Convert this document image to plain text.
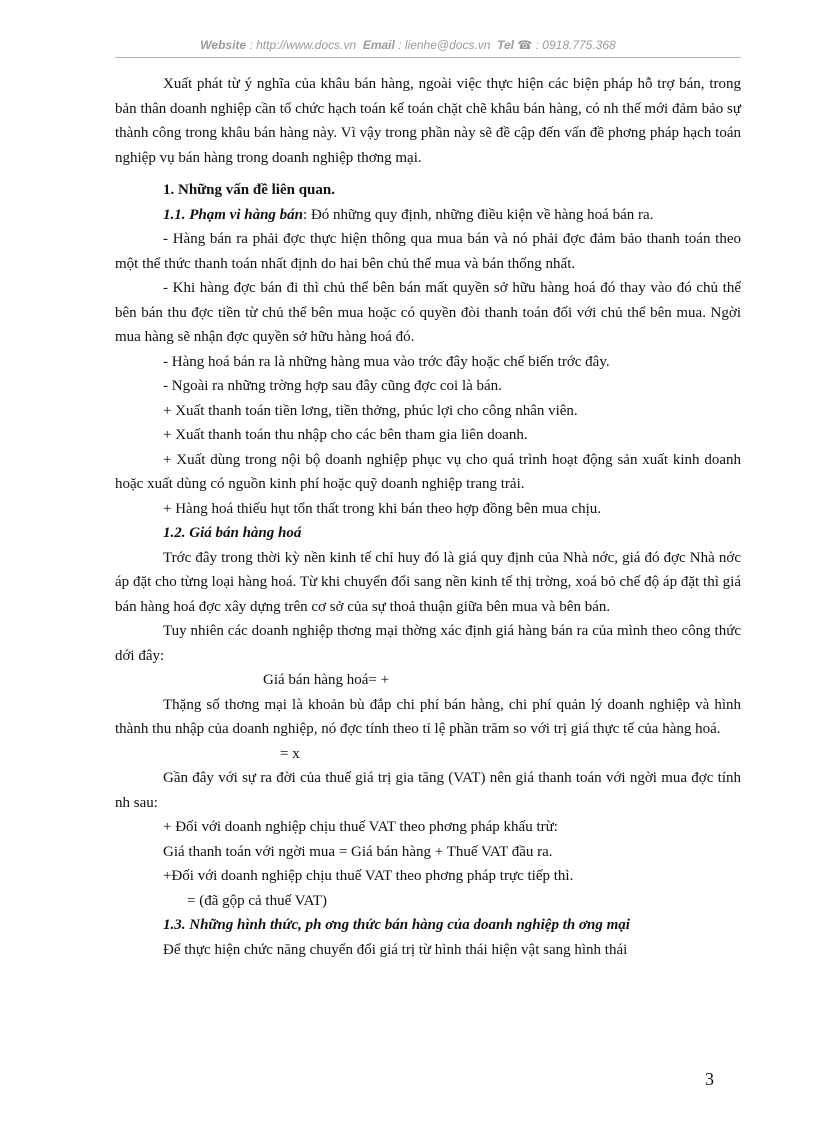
Website : http://www.docs.vn Email : lienhe@docs.vn Tel ☎ : 0918.775.368

Xuất phát từ ý nghĩa của khâu bán hàng, ngoài việc thực hiện các biện pháp hỗ trợ bán, trong bản thân doanh nghiệp cần tổ chức hạch toán kế toán chặt chẽ khâu bán hàng, có nh thế mới đảm bảo sự thành công trong khâu bán hàng này. Vì vậy trong phần này sẽ đề cập đến vấn đề phơng pháp hạch toán nghiệp vụ bán hàng trong doanh nghiệp thơng mại.

1. Những vấn đề liên quan.

1.1. Phạm vi hàng bán: Đó những quy định, những điều kiện về hàng hoá bán ra.

- Hàng bán ra phải đợc thực hiện thông qua mua bán và nó phải đợc đảm bảo thanh toán theo một thể thức thanh toán nhất định do hai bên chủ thể mua và bán thống nhất.

- Khi hàng đợc bán đi thì chủ thể bên bán mất quyền sở hữu hàng hoá đó thay vào đó chủ thể bên bán thu đợc tiền từ chủ thể bên mua hoặc có quyền đòi thanh toán đối với chủ thể bên mua. Ngời mua hàng sẽ nhận đợc quyền sở hữu hàng hoá đó.

- Hàng hoá bán ra là những hàng mua vào trớc đây hoặc chế biến trớc đây.

- Ngoài ra những trờng hợp sau đây cũng đợc coi là bán.

+ Xuất thanh toán tiền lơng, tiền thởng, phúc lợi cho công nhân viên.

+ Xuất thanh toán thu nhập cho các bên tham gia liên doanh.

+ Xuất dùng trong nội bộ doanh nghiệp phục vụ cho quá trình hoạt động sản xuất kinh doanh hoặc xuất dùng có nguồn kinh phí hoặc quỹ doanh nghiệp trang trải.

+ Hàng hoá thiếu hụt tổn thất trong khi bán theo hợp đồng bên mua chịu.

1.2. Giá bán hàng hoá

Trớc đây trong thời kỳ nền kinh tế chỉ huy đó là giá quy định của Nhà nớc, giá đó đợc Nhà nớc áp đặt cho từng loại hàng hoá. Từ khi chuyển đổi sang nền kinh tế thị trờng, xoá bỏ chế độ áp đặt thì giá bán hàng hoá đợc xây dựng trên cơ sở của sự thoả thuận giữa bên mua và bên bán.

Tuy nhiên các doanh nghiệp thơng mại thờng xác định giá hàng bán ra của mình theo công thức dới đây:

Giá bán hàng hoá= +

Thặng số thơng mại là khoản bù đắp chi phí bán hàng, chi phí quản lý doanh nghiệp và hình thành thu nhập của doanh nghiệp, nó đợc tính theo tỉ lệ phần trăm so với trị giá thực tế của hàng hoá.

= x

Gần đây với sự ra đời của thuế giá trị gia tăng (VAT) nên giá thanh toán với ngời mua đợc tính nh sau:

+ Đối với doanh nghiệp chịu thuế VAT theo phơng pháp khấu trừ:

Giá thanh toán với ngời mua = Giá bán hàng + Thuế VAT đầu ra.

+Đối với doanh nghiệp chịu thuế VAT theo phơng pháp trực tiếp thì.

= (đã gộp cả thuế VAT)

1.3. Những hình thức, ph ơng thức bán hàng của doanh nghiệp th ơng mại

Để thực hiện chức năng chuyển đổi giá trị từ hình thái hiện vật sang hình thái

3
